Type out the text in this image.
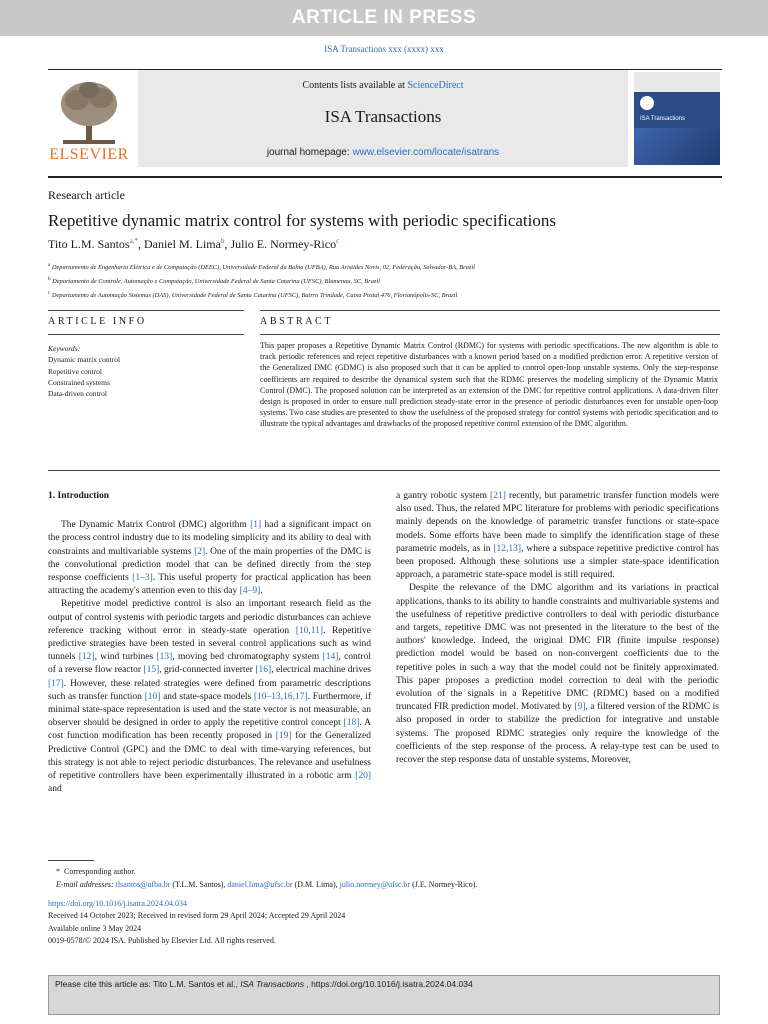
ARTICLE IN PRESS
ISA Transactions xxx (xxxx) xxx
ELSEVIER
Contents lists available at ScienceDirect
ISA Transactions
journal homepage: www.elsevier.com/locate/isatrans
ISA Transactions
Research article
Repetitive dynamic matrix control for systems with periodic specifications
Tito L.M. Santos$^{a,*}$, Daniel M. Lima$^b$, Julio E. Normey-Rico$^c$
$^a$ Departamento de Engenharia Elétrica e de Computação (DEEC), Universidade Federal da Bahia (UFBA), Rua Aristides Novis, 02, Federação, Salvador-BA, Brazil
$^b$ Departamento de Controle, Automação e Computação, Universidade Federal de Santa Catarina (UFSC), Blumenau, SC, Brazil
$^c$ Departamento de Automação Sistemas (DAS), Universidade Federal de Santa Catarina (UFSC), Bairro Trindade, Caixa Postal 476, Florianópolis-SC, Brazil
ARTICLE INFO	ABSTRACT
Keywords:
Dynamic matrix control
Repetitive control
Constrained systems
Data-driven control

This paper proposes a Repetitive Dynamic Matrix Control (RDMC) for systems with periodic specifications. The new algorithm is able to track periodic references and reject repetitive disturbances with a known period based on a modified prediction error. A repetitive version of the Generalized DMC (GDMC) is also proposed such that it can be applied to control open-loop unstable systems. Only the step-response coefficients are required to describe the dynamical system such that the RDMC preserves the modeling simplicity of the Dynamic Matrix Control (DMC). The proposed solution can be interpreted as an extension of the DMC for repetitive control applications. A data-driven filter design is proposed in order to ensure null prediction steady-state error in the presence of periodic disturbances even for unstable open-loop systems. Two case studies are presented to show the usefulness of the proposed strategy for control systems with periodic specification and to illustrate the typical advantages and drawbacks of the proposed repetitive control extension of the DMC algorithm.

1. Introduction

The Dynamic Matrix Control (DMC) algorithm [1] had a significant impact on the process control industry due to its modeling simplicity and its ability to deal with constraints and multivariable systems [2]. One of the main properties of the DMC is the convolutional prediction model that can be defined directly from the step response coefficients [1–3]. This useful property for practical application has been attracting the academy's attention even to this day [4–9].

Repetitive model predictive control is also an important research field as the output of control systems with periodic targets and periodic disturbances can achieve reference tracking without error in steady-state operation [10,11]. Repetitive predictive strategies have been tested in several control applications such as wind tunnels [12], wind turbines [13], moving bed chromatography system [14], control of a reverse flow reactor [15], grid-connected inverter [16], electrical machine drives [17]. However, these related strategies were defined from parametric descriptions such as transfer function [10] and state-space models [10–13,16,17]. Furthermore, if minimal state-space representation is used and the state vector is not measurable, an observer should be designed in order to apply the repetitive control concept [18]. A cost function modification has been recently proposed in [19] for the Generalized Predictive Control (GPC) and the DMC to deal with time-varying references, but this strategy is not able to reject periodic disturbances. The relevance and usefulness of repetitive controllers have been experimentally illustrated in a robotic arm [20] and

a gantry robotic system [21] recently, but parametric transfer function models were also used. Thus, the related MPC literature for problems with periodic specifications mainly depends on the knowledge of parametric transfer functions or state-space models. Some efforts have been made to simplify the identification stage of these parametric models, as in [12,13], where a subspace repetitive predictive control has been proposed. Although these solutions use a simpler state-space identification approach, a parametric state-space model is still required.

Despite the relevance of the DMC algorithm and its variations in practical applications, thanks to its ability to handle constraints and multivariable systems and the usefulness of repetitive predictive controllers to deal with periodic disturbance and targets, repetitive DMC was not presented in the literature to the best of the authors' knowledge. Indeed, the original DMC FIR (finite impulse response) prediction model would be based on non-convergent coefficients due to the repetitive poles in such a way that the model could not be finitely approximated. This paper proposes a prediction model correction to deal with the periodic evolution of the signals in a Repetitive DMC (RDMC) based on a modified truncated FIR prediction model. Motivated by [9], a filtered version of the RDMC is also proposed in order to stabilize the prediction for integrative and unstable systems. The proposed RDMC strategies only require the knowledge of the coefficients of the step response of the process. A relay-type test can be used to recover the step response data of unstable systems. Moreover,

* Corresponding author.
E-mail addresses: tlsantos@ufba.br (T.L.M. Santos), daniel.lima@ufsc.br (D.M. Lima), julio.normey@ufsc.br (J.E. Normey-Rico).
https://doi.org/10.1016/j.isatra.2024.04.034
Received 14 October 2023; Received in revised form 29 April 2024; Accepted 29 April 2024
Available online 3 May 2024
0019-0578/© 2024 ISA. Published by Elsevier Ltd. All rights reserved.
Please cite this article as: Tito L.M. Santos et al., ISA Transactions , https://doi.org/10.1016/j.isatra.2024.04.034
